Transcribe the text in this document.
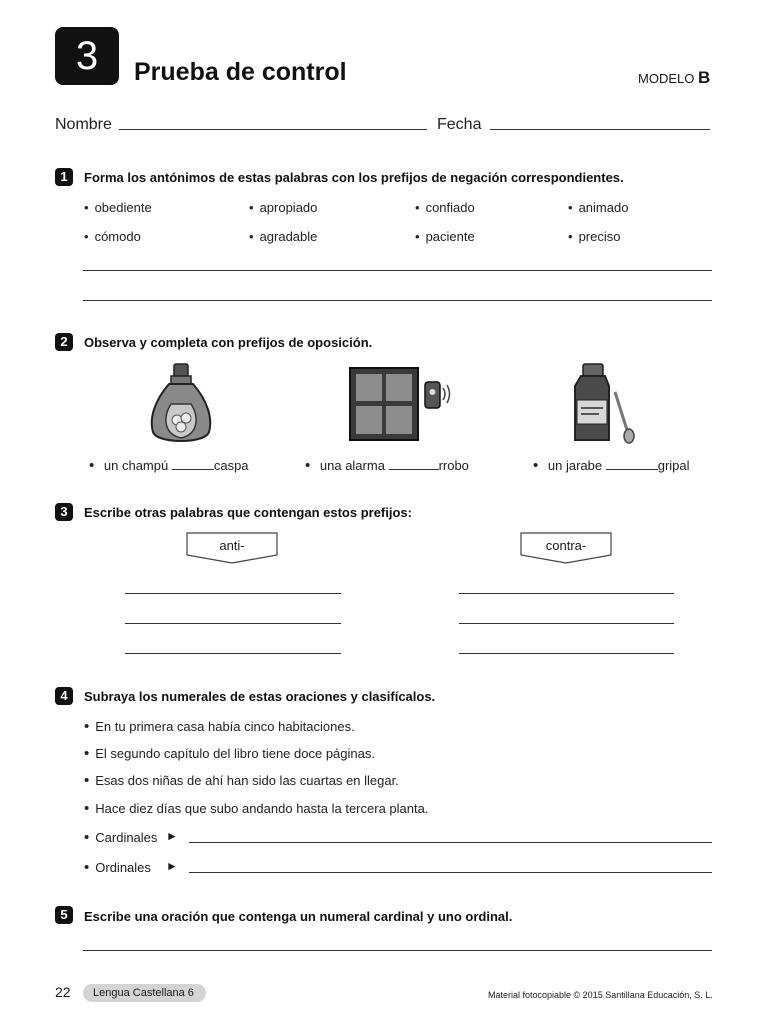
3	Prueba de control	MODELO B
Nombre	Fecha
1	Forma los antónimos de estas palabras con los prefijos de negación correspondientes.
• obediente	• apropiado	• confiado	• animado
• cómodo	• agradable	• paciente	• preciso
2	Observa y completa con prefijos de oposición.
• un champú	caspa	• una alarma	rrobo	• un jarabe	gripal
3	Escribe otras palabras que contengan estos prefijos:
anti-	contra-
4	Subraya los numerales de estas oraciones y clasifícalos.
• En tu primera casa había cinco habitaciones.
• El segundo capítulo del libro tiene doce páginas.
• Esas dos niñas de ahí han sido las cuartas en llegar.
• Hace diez días que subo andando hasta la tercera planta.
• Cardinales ►
• Ordinales ►
5	Escribe una oración que contenga un numeral cardinal y uno ordinal.
22	Lengua Castellana 6	Material fotocopiable © 2015 Santillana Educación, S. L.
